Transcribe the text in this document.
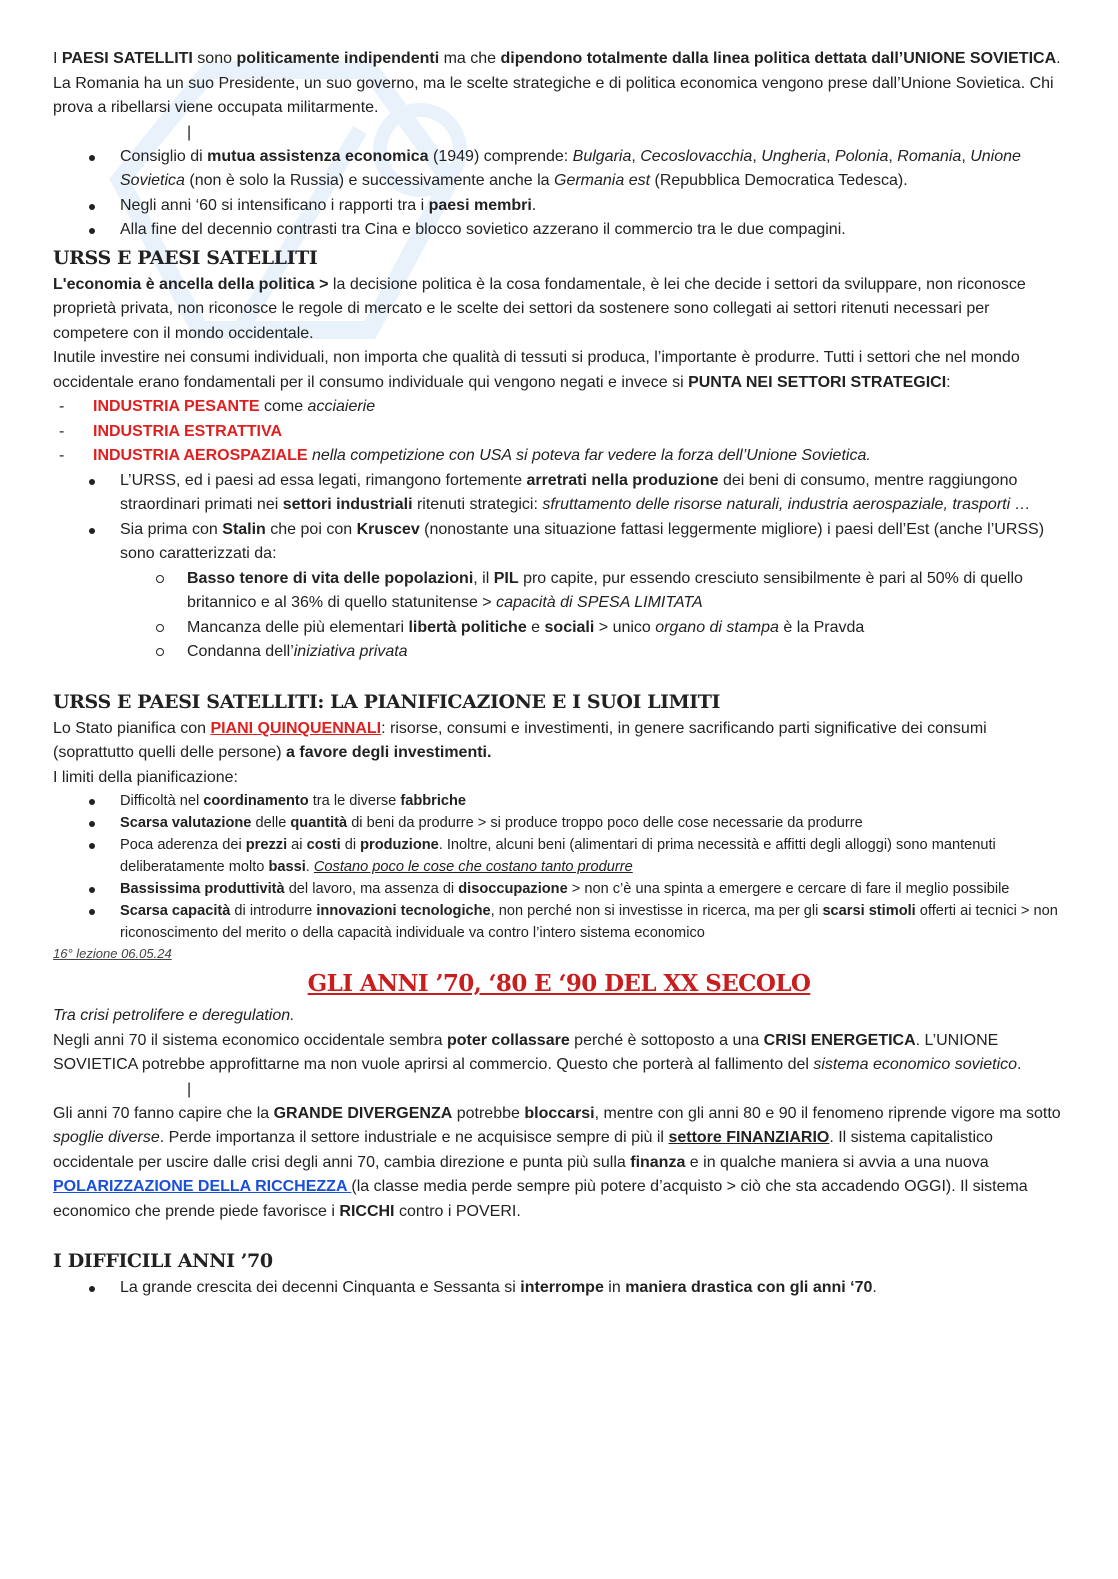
I PAESI SATELLITI sono politicamente indipendenti ma che dipendono totalmente dalla linea politica dettata dall’UNIONE SOVIETICA. La Romania ha un suo Presidente, un suo governo, ma le scelte strategiche e di politica economica vengono prese dall’Unione Sovietica. Chi prova a ribellarsi viene occupata militarmente.

|

Consiglio di mutua assistenza economica (1949) comprende: Bulgaria, Cecoslovacchia, Ungheria, Polonia, Romania, Unione Sovietica (non è solo la Russia) e successivamente anche la Germania est (Repubblica Democratica Tedesca).
Negli anni ‘60 si intensificano i rapporti tra i paesi membri.
Alla fine del decennio contrasti tra Cina e blocco sovietico azzerano il commercio tra le due compagini.
URSS E PAESI SATELLITI

L'economia è ancella della politica > la decisione politica è la cosa fondamentale, è lei che decide i settori da sviluppare, non riconosce proprietà privata, non riconosce le regole di mercato e le scelte dei settori da sostenere sono collegati ai settori ritenuti necessari per competere con il mondo occidentale.

Inutile investire nei consumi individuali, non importa che qualità di tessuti si produca, l’importante è produrre. Tutti i settori che nel mondo occidentale erano fondamentali per il consumo individuale qui vengono negati e invece si PUNTA NEI SETTORI STRATEGICI:

- INDUSTRIA PESANTE come acciaierie
- INDUSTRIA ESTRATTIVA
- INDUSTRIA AEROSPAZIALE nella competizione con USA si poteva far vedere la forza dell’Unione Sovietica.
L’URSS, ed i paesi ad essa legati, rimangono fortemente arretrati nella produzione dei beni di consumo, mentre raggiungono straordinari primati nei settori industriali ritenuti strategici: sfruttamento delle risorse naturali, industria aerospaziale, trasporti …
Sia prima con Stalin che poi con Kruscev (nonostante una situazione fattasi leggermente migliore) i paesi dell’Est (anche l’URSS) sono caratterizzati da:
Basso tenore di vita delle popolazioni, il PIL pro capite, pur essendo cresciuto sensibilmente è pari al 50% di quello britannico e al 36% di quello statunitense > capacità di SPESA LIMITATA
Mancanza delle più elementari libertà politiche e sociali > unico organo di stampa è la Pravda
Condanna dell’iniziativa privata
URSS E PAESI SATELLITI: LA PIANIFICAZIONE E I SUOI LIMITI

Lo Stato pianifica con PIANI QUINQUENNALI: risorse, consumi e investimenti, in genere sacrificando parti significative dei consumi (soprattutto quelli delle persone) a favore degli investimenti.

I limiti della pianificazione:

Difficoltà nel coordinamento tra le diverse fabbriche
Scarsa valutazione delle quantità di beni da produrre > si produce troppo poco delle cose necessarie da produrre
Poca aderenza dei prezzi ai costi di produzione. Inoltre, alcuni beni (alimentari di prima necessità e affitti degli alloggi) sono mantenuti deliberatamente molto bassi. Costano poco le cose che costano tanto produrre
Bassissima produttività del lavoro, ma assenza di disoccupazione > non c’è una spinta a emergere e cercare di fare il meglio possibile
Scarsa capacità di introdurre innovazioni tecnologiche, non perché non si investisse in ricerca, ma per gli scarsi stimoli offerti ai tecnici > non riconoscimento del merito o della capacità individuale va contro l’intero sistema economico

16° lezione 06.05.24

GLI ANNI ’70, ‘80 E ‘90 DEL XX SECOLO

Tra crisi petrolifere e deregulation.

Negli anni 70 il sistema economico occidentale sembra poter collassare perché è sottoposto a una CRISI ENERGETICA. L’UNIONE SOVIETICA potrebbe approfittarne ma non vuole aprirsi al commercio. Questo che porterà al fallimento del sistema economico sovietico.

|

Gli anni 70 fanno capire che la GRANDE DIVERGENZA potrebbe bloccarsi, mentre con gli anni 80 e 90 il fenomeno riprende vigore ma sotto spoglie diverse. Perde importanza il settore industriale e ne acquisisce sempre di più il settore FINANZIARIO. Il sistema capitalistico occidentale per uscire dalle crisi degli anni 70, cambia direzione e punta più sulla finanza e in qualche maniera si avvia a una nuova POLARIZZAZIONE DELLA RICCHEZZA (la classe media perde sempre più potere d’acquisto > ciò che sta accadendo OGGI). Il sistema economico che prende piede favorisce i RICCHI contro i POVERI.

I DIFFICILI ANNI ’70
La grande crescita dei decenni Cinquanta e Sessanta si interrompe in maniera drastica con gli anni ‘70.
